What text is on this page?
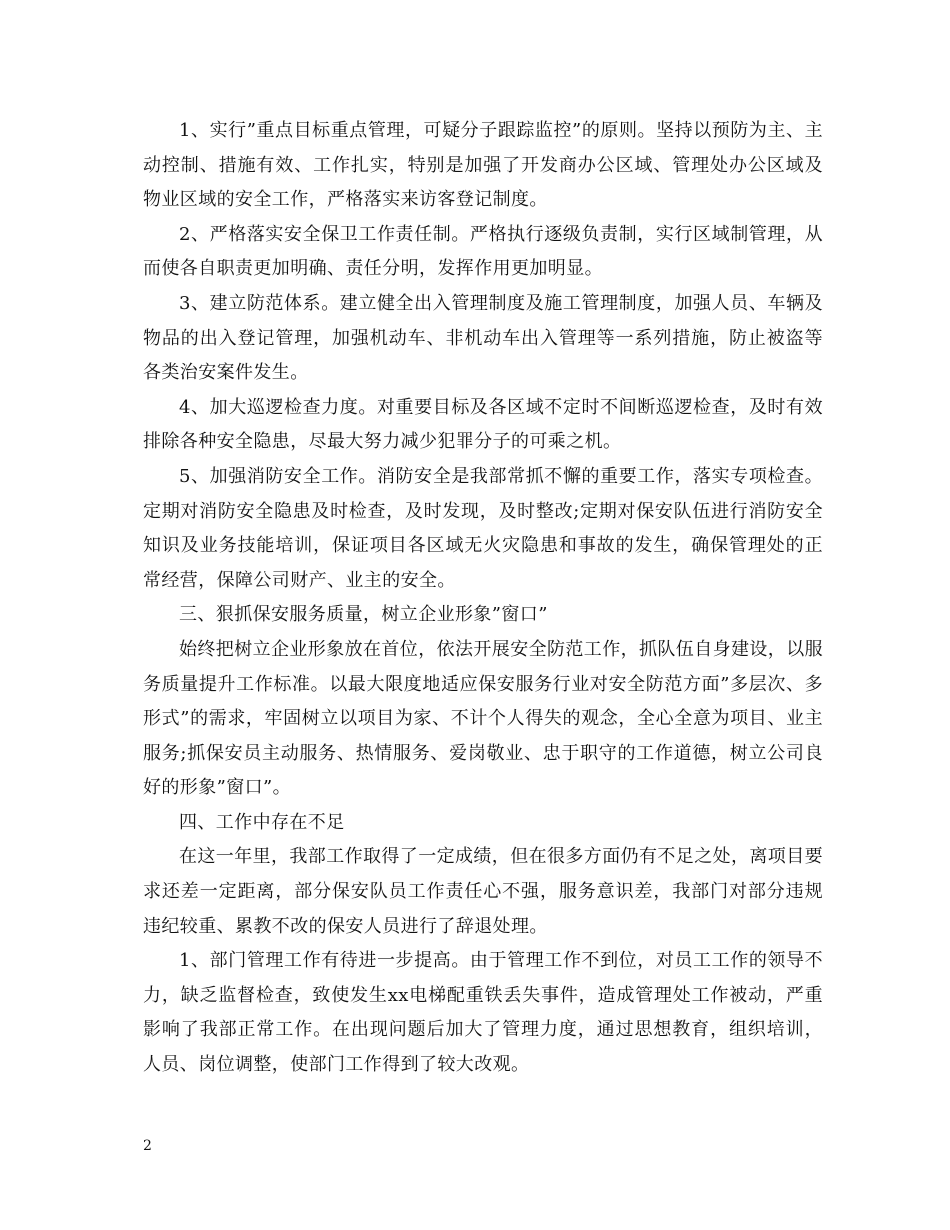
1、实行”重点目标重点管理，可疑分子跟踪监控”的原则。坚持以预防为主、主动控制、措施有效、工作扎实，特别是加强了开发商办公区域、管理处办公区域及物业区域的安全工作，严格落实来访客登记制度。

2、严格落实安全保卫工作责任制。严格执行逐级负责制，实行区域制管理，从而使各自职责更加明确、责任分明，发挥作用更加明显。

3、建立防范体系。建立健全出入管理制度及施工管理制度，加强人员、车辆及物品的出入登记管理，加强机动车、非机动车出入管理等一系列措施，防止被盗等各类治安案件发生。

4、加大巡逻检查力度。对重要目标及各区域不定时不间断巡逻检查，及时有效排除各种安全隐患，尽最大努力减少犯罪分子的可乘之机。

5、加强消防安全工作。消防安全是我部常抓不懈的重要工作，落实专项检查。定期对消防安全隐患及时检查，及时发现，及时整改;定期对保安队伍进行消防安全知识及业务技能培训，保证项目各区域无火灾隐患和事故的发生，确保管理处的正常经营，保障公司财产、业主的安全。

三、狠抓保安服务质量，树立企业形象”窗口”

始终把树立企业形象放在首位，依法开展安全防范工作，抓队伍自身建设，以服务质量提升工作标准。以最大限度地适应保安服务行业对安全防范方面”多层次、多形式”的需求，牢固树立以项目为家、不计个人得失的观念，全心全意为项目、业主服务;抓保安员主动服务、热情服务、爱岗敬业、忠于职守的工作道德，树立公司良好的形象”窗口”。

四、工作中存在不足

在这一年里，我部工作取得了一定成绩，但在很多方面仍有不足之处，离项目要求还差一定距离，部分保安队员工作责任心不强，服务意识差，我部门对部分违规违纪较重、累教不改的保安人员进行了辞退处理。

1、部门管理工作有待进一步提高。由于管理工作不到位，对员工工作的领导不力，缺乏监督检查，致使发生xx电梯配重铁丢失事件，造成管理处工作被动，严重影响了我部正常工作。在出现问题后加大了管理力度，通过思想教育，组织培训，人员、岗位调整，使部门工作得到了较大改观。

2
